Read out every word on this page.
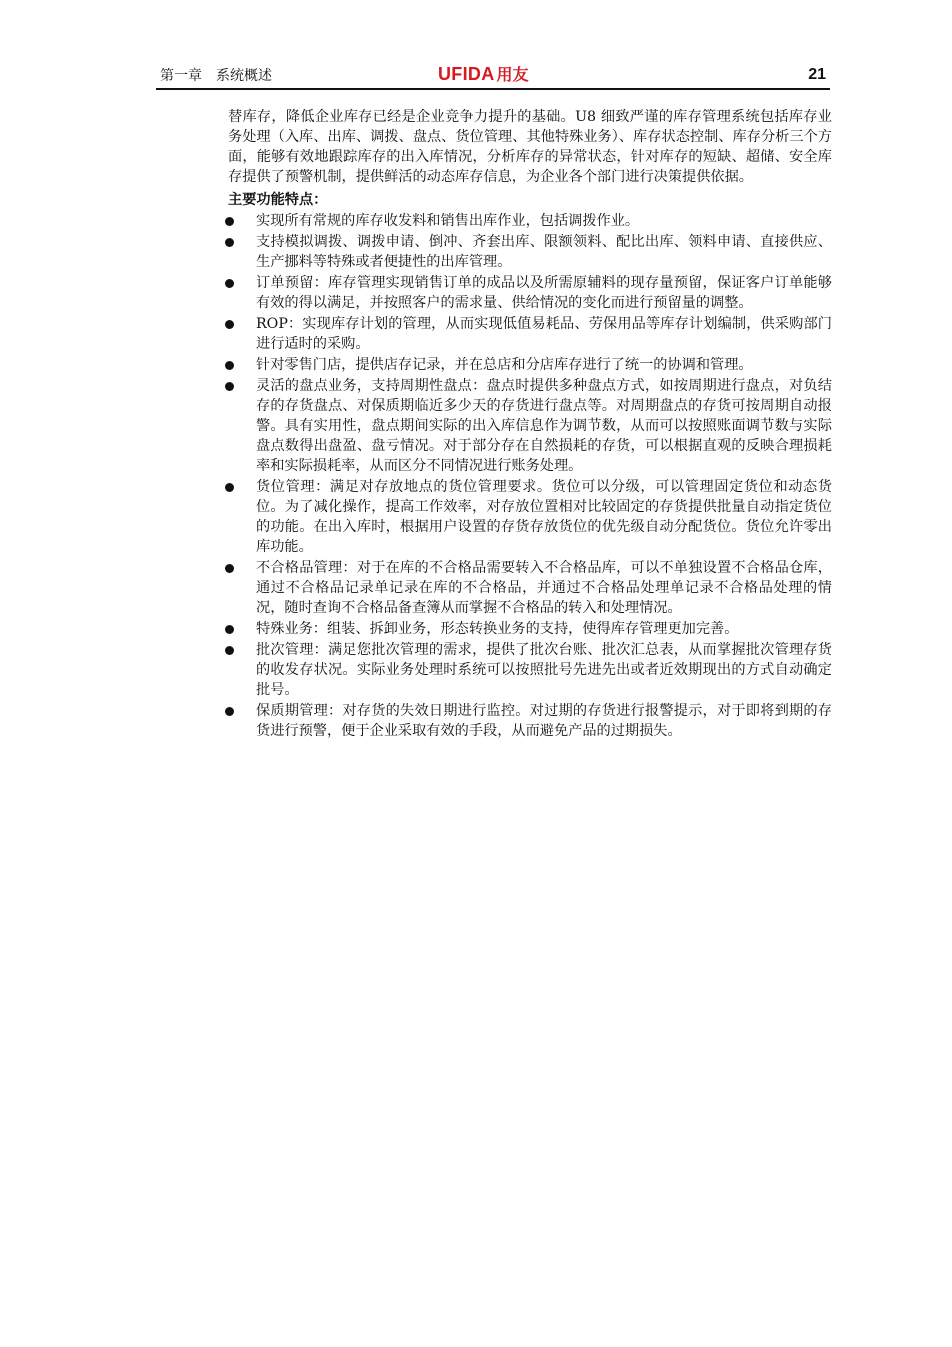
第一章　系统概述	UFIDA 用友	21

替库存，降低企业库存已经是企业竞争力提升的基础。U8 细致严谨的库存管理系统包括库存业务处理（入库、出库、调拨、盘点、货位管理、其他特殊业务）、库存状态控制、库存分析三个方面，能够有效地跟踪库存的出入库情况，分析库存的异常状态，针对库存的短缺、超储、安全库存提供了预警机制，提供鲜活的动态库存信息，为企业各个部门进行决策提供依据。

主要功能特点：
实现所有常规的库存收发料和销售出库作业，包括调拨作业。
支持模拟调拨、调拨申请、倒冲、齐套出库、限额领料、配比出库、领料申请、直接供应、生产挪料等特殊或者便捷性的出库管理。
订单预留：库存管理实现销售订单的成品以及所需原辅料的现存量预留，保证客户订单能够有效的得以满足，并按照客户的需求量、供给情况的变化而进行预留量的调整。
ROP：实现库存计划的管理，从而实现低值易耗品、劳保用品等库存计划编制，供采购部门进行适时的采购。
针对零售门店，提供店存记录，并在总店和分店库存进行了统一的协调和管理。
灵活的盘点业务，支持周期性盘点：盘点时提供多种盘点方式，如按周期进行盘点，对负结存的存货盘点、对保质期临近多少天的存货进行盘点等。对周期盘点的存货可按周期自动报警。具有实用性，盘点期间实际的出入库信息作为调节数，从而可以按照账面调节数与实际盘点数得出盘盈、盘亏情况。对于部分存在自然损耗的存货，可以根据直观的反映合理损耗率和实际损耗率，从而区分不同情况进行账务处理。
货位管理：满足对存放地点的货位管理要求。货位可以分级，可以管理固定货位和动态货位。为了减化操作，提高工作效率，对存放位置相对比较固定的存货提供批量自动指定货位的功能。在出入库时，根据用户设置的存货存放货位的优先级自动分配货位。货位允许零出库功能。
不合格品管理：对于在库的不合格品需要转入不合格品库，可以不单独设置不合格品仓库，通过不合格品记录单记录在库的不合格品，并通过不合格品处理单记录不合格品处理的情况，随时查询不合格品备查簿从而掌握不合格品的转入和处理情况。
特殊业务：组装、拆卸业务，形态转换业务的支持，使得库存管理更加完善。
批次管理：满足您批次管理的需求，提供了批次台账、批次汇总表，从而掌握批次管理存货的收发存状况。实际业务处理时系统可以按照批号先进先出或者近效期现出的方式自动确定批号。
保质期管理：对存货的失效日期进行监控。对过期的存货进行报警提示，对于即将到期的存货进行预警，便于企业采取有效的手段，从而避免产品的过期损失。
